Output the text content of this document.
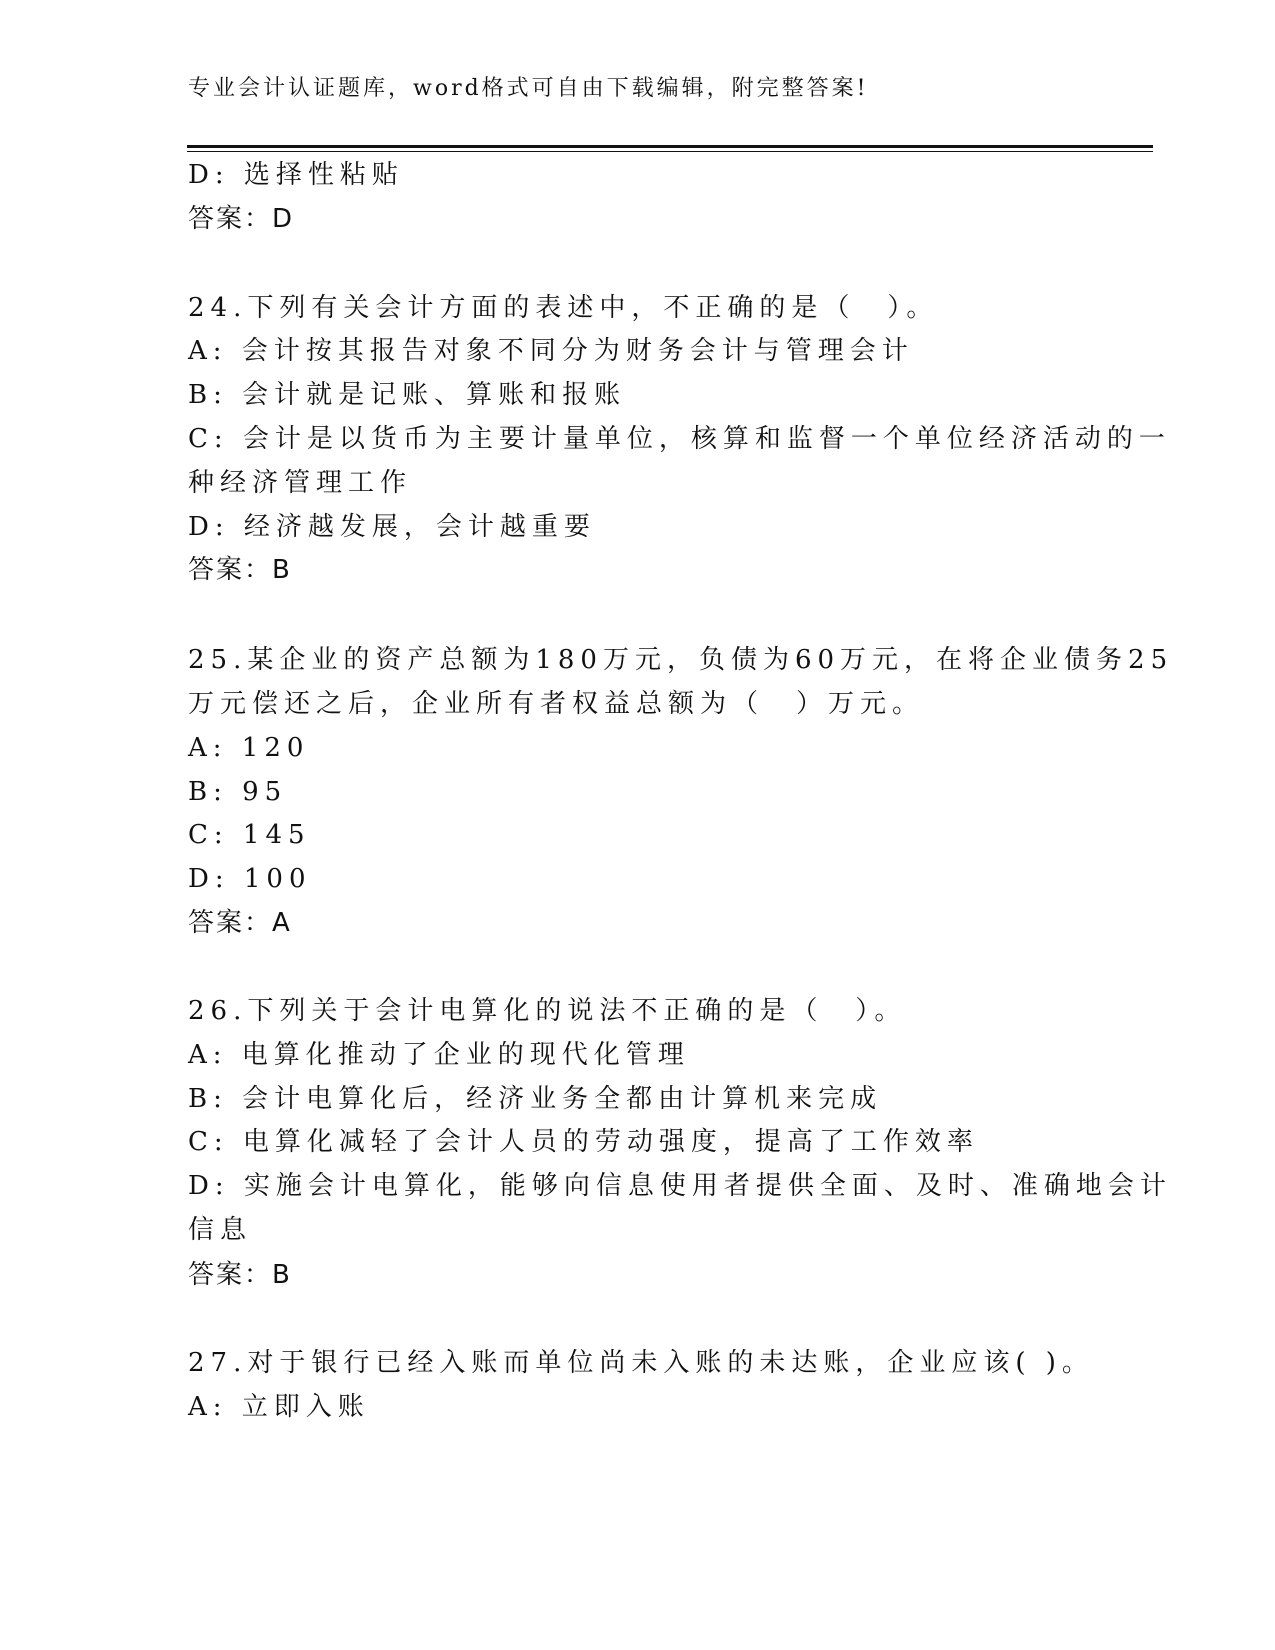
专业会计认证题库，word格式可自由下载编辑，附完整答案!
D: 选择性粘贴
答案：D
24.下列有关会计方面的表述中，不正确的是（　）。
A: 会计按其报告对象不同分为财务会计与管理会计
B: 会计就是记账、算账和报账
C: 会计是以货币为主要计量单位，核算和监督一个单位经济活动的一
种经济管理工作
D: 经济越发展，会计越重要
答案：B
25.某企业的资产总额为180万元，负债为60万元，在将企业债务25
万元偿还之后，企业所有者权益总额为（　）万元。
A: 120
B: 95
C: 145
D: 100
答案：A
26.下列关于会计电算化的说法不正确的是（　）。
A: 电算化推动了企业的现代化管理
B: 会计电算化后，经济业务全都由计算机来完成
C: 电算化减轻了会计人员的劳动强度，提高了工作效率
D: 实施会计电算化，能够向信息使用者提供全面、及时、准确地会计
信息
答案：B
27.对于银行已经入账而单位尚未入账的未达账，企业应该( )。
A: 立即入账
